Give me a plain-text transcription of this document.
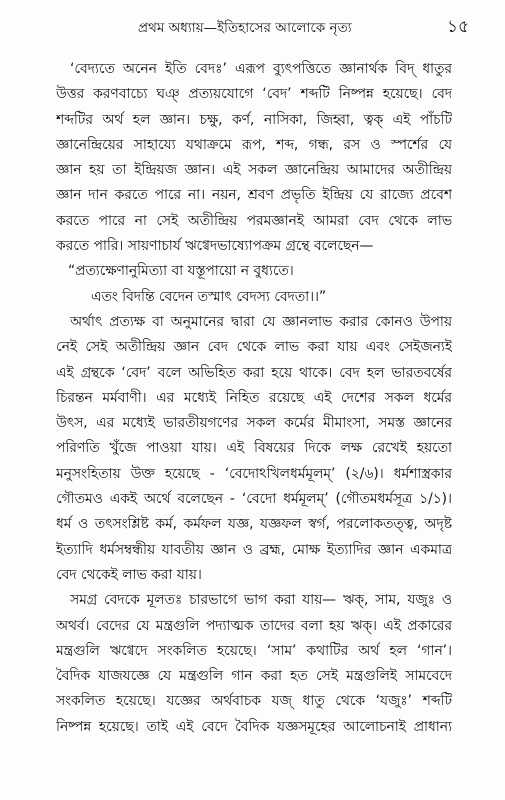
প্রথম অধ্যায়—ইতিহাসের আলোকে নৃত্য	১৫
‘বেদ্যতে অনেন ইতি বেদঃ’ এরূপ ব্যুৎপত্তিতে জ্ঞানার্থক বিদ্ ধাতুর
উত্তর করণবাচ্যে ঘঞ্ প্রত্যয়যোগে ‘বেদ’ শব্দটি নিষ্পন্ন হয়েছে। বেদ
শব্দটির অর্থ হল জ্ঞান। চক্ষু, কর্ণ, নাসিকা, জিহ্বা, ত্বক্ এই পাঁচটি
জ্ঞানেন্দ্রিয়ের সাহায্যে যথাক্রমে রূপ, শব্দ, গন্ধ, রস ও স্পর্শের যে
জ্ঞান হয় তা ইন্দ্রিয়জ জ্ঞান। এই সকল জ্ঞানেন্দ্রিয় আমাদের অতীন্দ্রিয়
জ্ঞান দান করতে পারে না। নয়ন, শ্রবণ প্রভৃতি ইন্দ্রিয় যে রাজ্যে প্রবেশ
করতে পারে না সেই অতীন্দ্রিয় পরমজ্ঞানই আমরা বেদ থেকে লাভ
করতে পারি। সায়ণাচার্য ঋগ্বেদভাষ্যোপক্রম গ্রন্থে বলেছেন—
“প্রত্যক্ষেণানুমিত্যা বা যস্তূপায়ো ন বুধ্যতে।
এতং বিদন্তি বেদেন তস্মাৎ বেদস্য বেদতা।।”
অর্থাৎ প্রত্যক্ষ বা অনুমানের দ্বারা যে জ্ঞানলাভ করার কোনও উপায়
নেই সেই অতীন্দ্রিয় জ্ঞান বেদ থেকে লাভ করা যায় এবং সেইজন্যই
এই গ্রন্থকে ‘বেদ’ বলে অভিহিত করা হয়ে থাকে। বেদ হল ভারতবর্ষের
চিরন্তন মর্মবাণী। এর মধ্যেই নিহিত রয়েছে এই দেশের সকল ধর্মের
উৎস, এর মধ্যেই ভারতীয়গণের সকল কর্মের মীমাংসা, সমস্ত জ্ঞানের
পরিণতি খুঁজে পাওয়া যায়। এই বিষয়ের দিকে লক্ষ রেখেই হয়তো
মনুসংহিতায় উক্ত হয়েছে - ‘বেদোঽখিলধর্মমূলম্’ (২/৬)। ধর্মশাস্ত্রকার
গৌতমও একই অর্থে বলেছেন - ‘বেদো ধর্মমূলম্’ (গৌতমধর্মসূত্র ১/১)।
ধর্ম ও তৎসংশ্লিষ্ট কর্ম, কর্মফল যজ্ঞ, যজ্ঞফল স্বর্গ, পরলোকতত্ত্ব, অদৃষ্ট
ইত্যাদি ধর্মসম্বন্ধীয় যাবতীয় জ্ঞান ও ব্রহ্ম, মোক্ষ ইত্যাদির জ্ঞান একমাত্র
বেদ থেকেই লাভ করা যায়।
সমগ্র বেদকে মূলতঃ চারভাগে ভাগ করা যায়— ঋক্, সাম, যজুঃ ও
অথর্ব। বেদের যে মন্ত্রগুলি পদ্যাত্মক তাদের বলা হয় ঋক্। এই প্রকারের
মন্ত্রগুলি ঋগ্বেদে সংকলিত হয়েছে। ‘সাম’ কথাটির অর্থ হল ‘গান’।
বৈদিক যাজযজ্ঞে যে মন্ত্রগুলি গান করা হত সেই মন্ত্রগুলিই সামবেদে
সংকলিত হয়েছে। যজ্ঞের অর্থবাচক যজ্ ধাতু থেকে ‘যজুঃ’ শব্দটি
নিষ্পন্ন হয়েছে। তাই এই বেদে বৈদিক যজ্ঞসমূহের আলোচনাই প্রাধান্য
